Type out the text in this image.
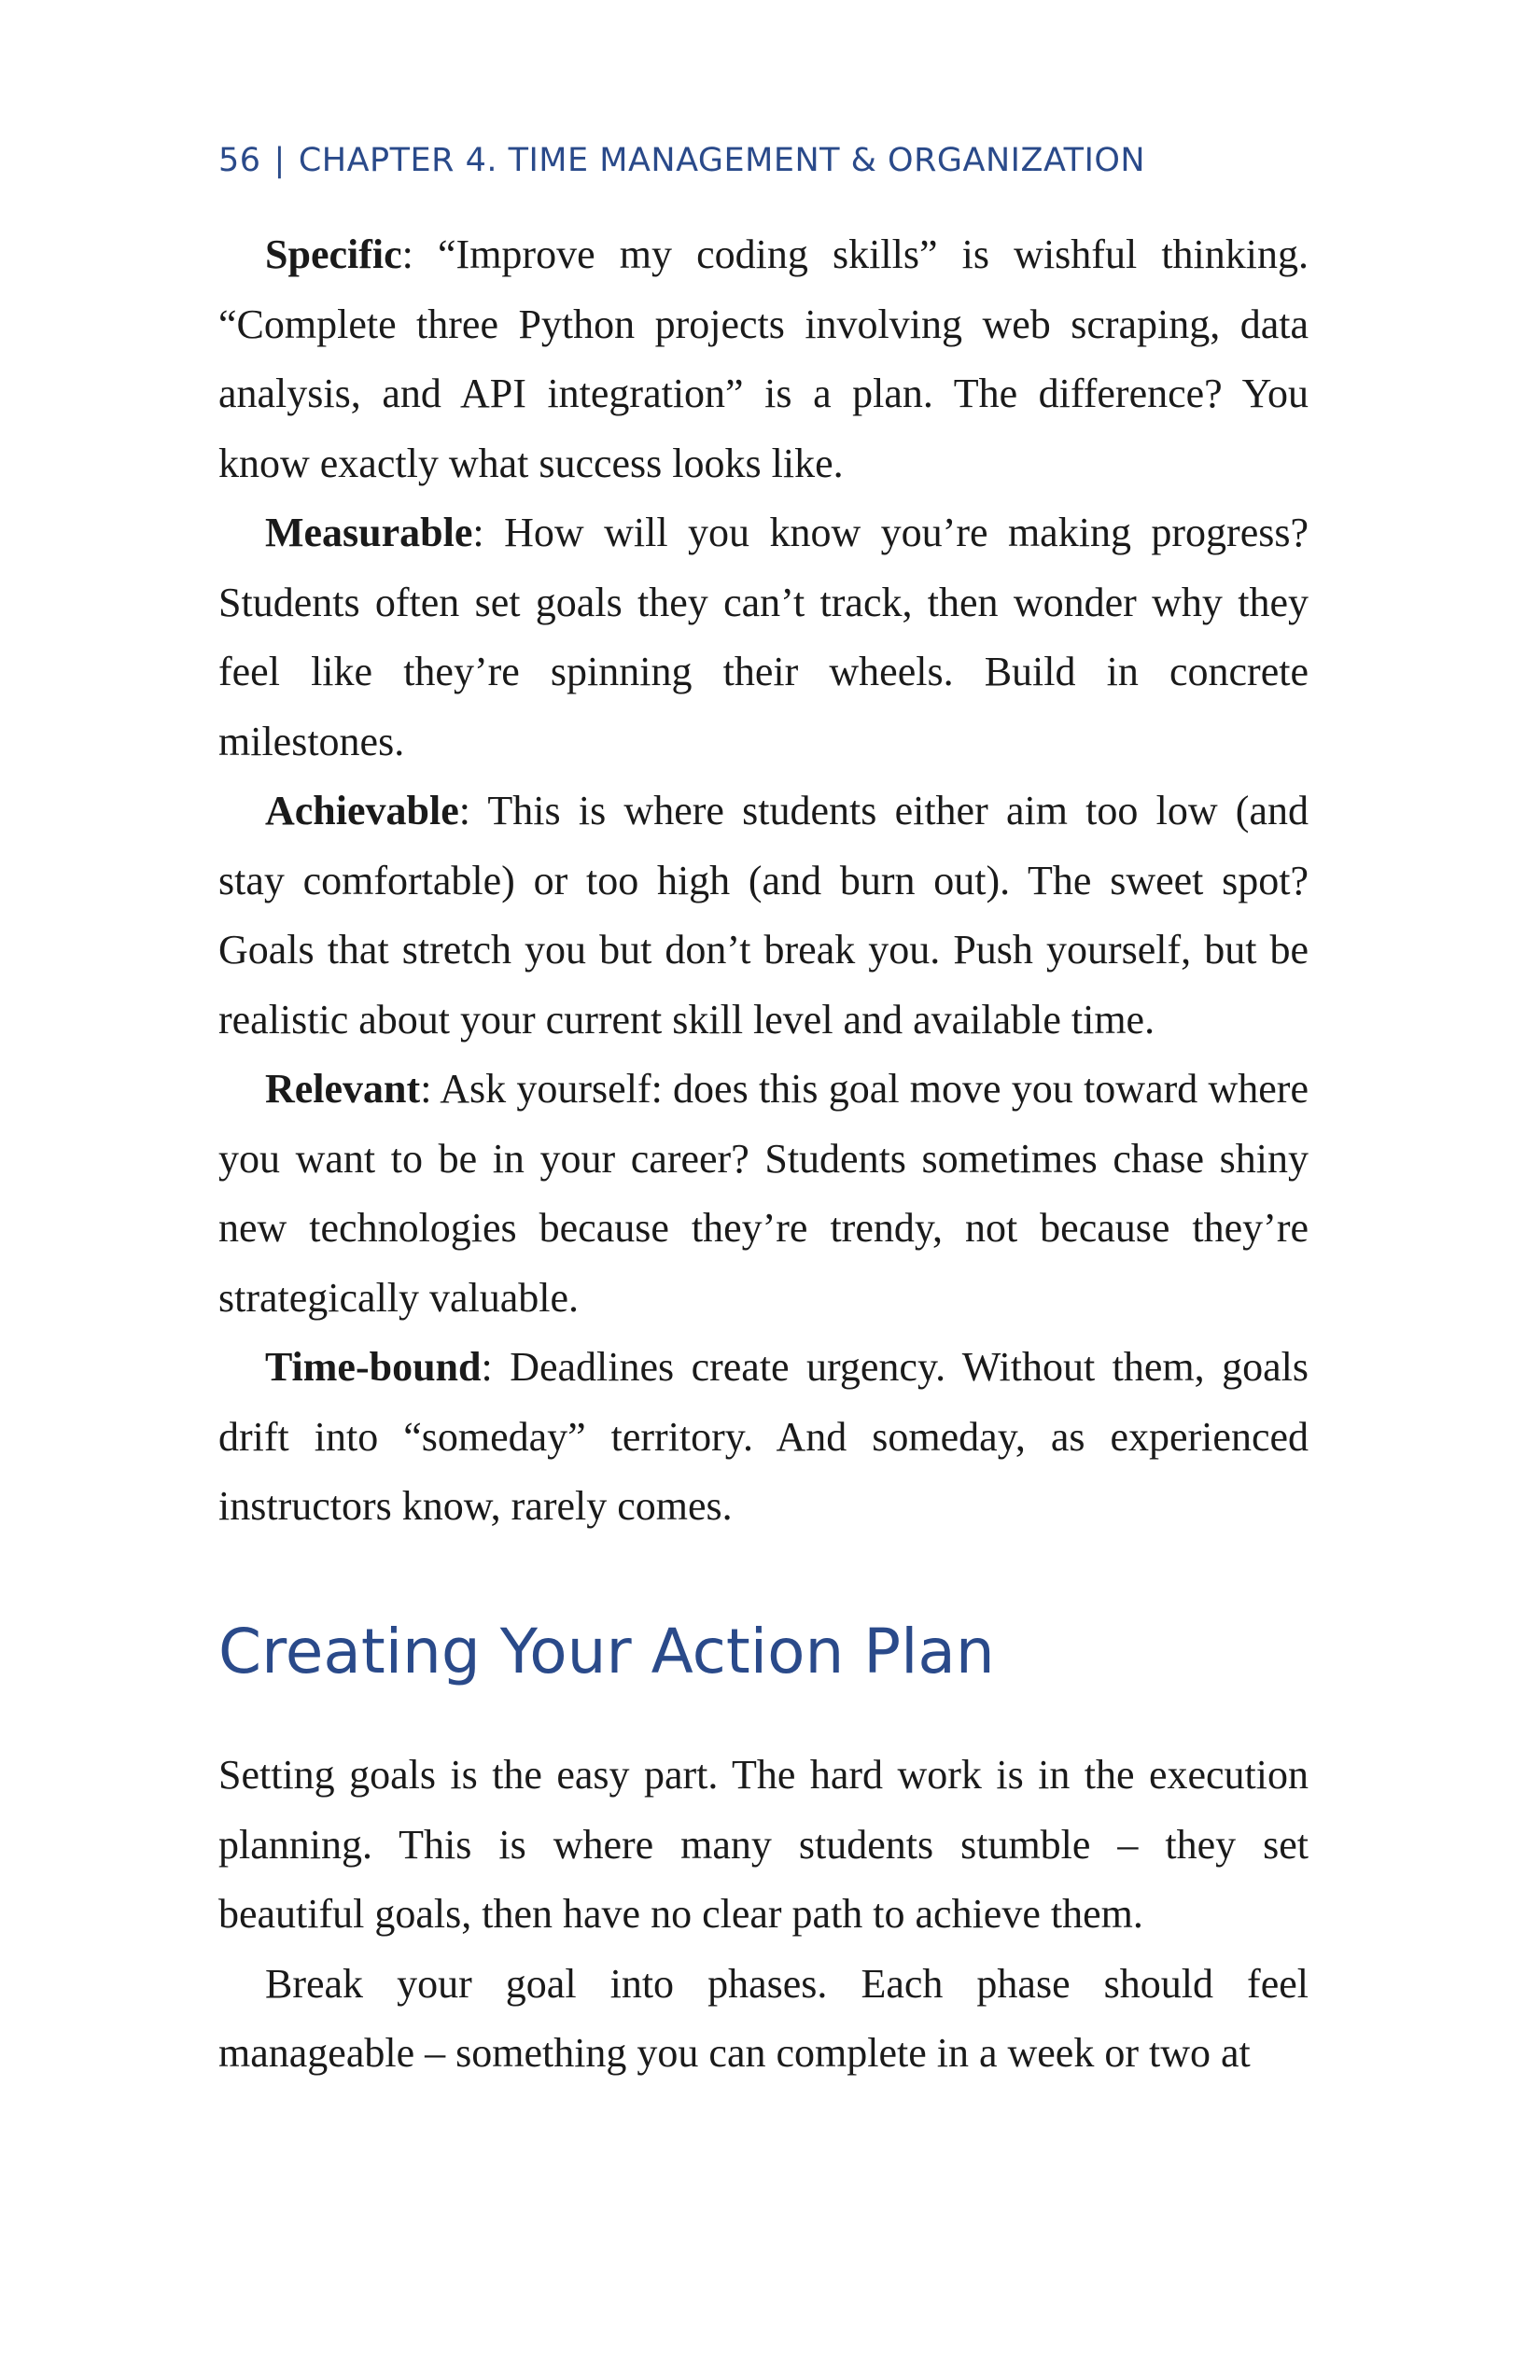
56 | CHAPTER 4. TIME MANAGEMENT & ORGANIZATION

Specific: “Improve my coding skills” is wishful thinking. “Complete three Python projects involving web scraping, data analysis, and API integration” is a plan. The difference? You know exactly what success looks like.

Measurable: How will you know you’re making progress? Students often set goals they can’t track, then wonder why they feel like they’re spinning their wheels. Build in concrete milestones.

Achievable: This is where students either aim too low (and stay comfortable) or too high (and burn out). The sweet spot? Goals that stretch you but don’t break you. Push yourself, but be realistic about your current skill level and available time.

Relevant: Ask yourself: does this goal move you toward where you want to be in your career? Students sometimes chase shiny new technologies because they’re trendy, not because they’re strategically valuable.

Time-bound: Deadlines create urgency. Without them, goals drift into “someday” territory. And someday, as experienced instructors know, rarely comes.

Creating Your Action Plan

Setting goals is the easy part. The hard work is in the execution planning. This is where many students stumble – they set beautiful goals, then have no clear path to achieve them.

Break your goal into phases. Each phase should feel manageable – something you can complete in a week or two at
